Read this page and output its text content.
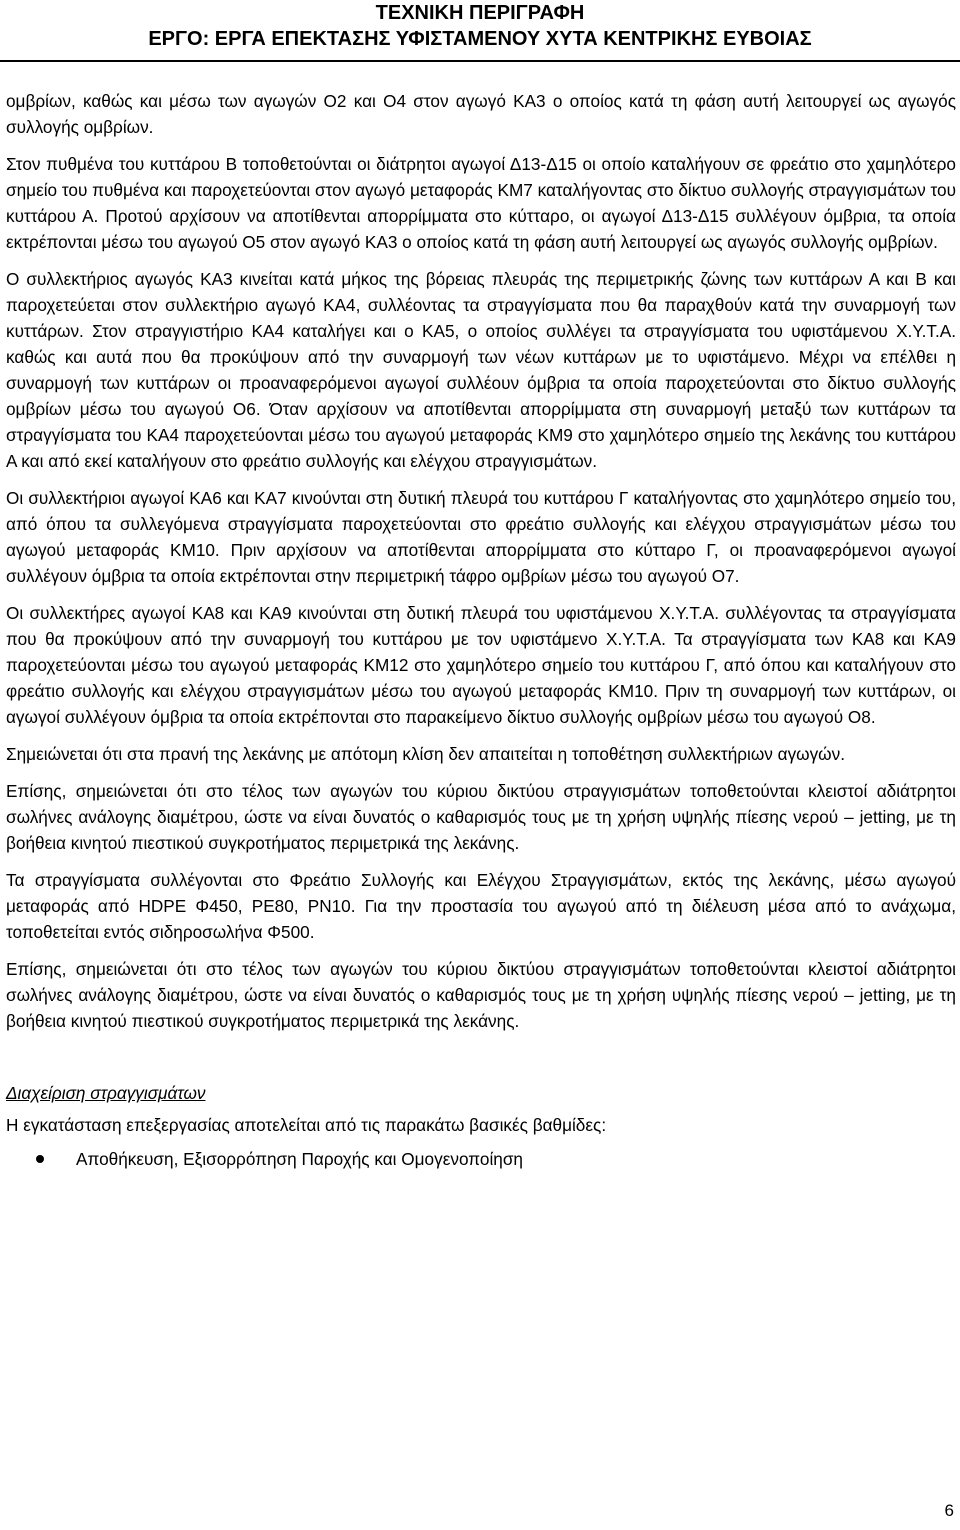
ΤΕΧΝΙΚΗ ΠΕΡΙΓΡΑΦΗ
ΕΡΓΟ: ΕΡΓΑ ΕΠΕΚΤΑΣΗΣ ΥΦΙΣΤΑΜΕΝΟΥ ΧΥΤΑ ΚΕΝΤΡΙΚΗΣ ΕΥΒΟΙΑΣ

ομβρίων, καθώς και μέσω των αγωγών Ο2 και Ο4 στον αγωγό ΚΑ3 ο οποίος κατά τη φάση αυτή λειτουργεί ως αγωγός συλλογής ομβρίων.

Στον πυθμένα του κυττάρου Β τοποθετούνται οι διάτρητοι αγωγοί Δ13-Δ15 οι οποίο καταλήγουν σε φρεάτιο στο χαμηλότερο σημείο του πυθμένα και παροχετεύονται στον αγωγό μεταφοράς ΚΜ7 καταλήγοντας στο δίκτυο συλλογής στραγγισμάτων του κυττάρου Α. Προτού αρχίσουν να αποτίθενται απορρίμματα στο κύτταρο, οι αγωγοί Δ13-Δ15 συλλέγουν όμβρια, τα οποία εκτρέπονται μέσω του αγωγού Ο5 στον αγωγό ΚΑ3 ο οποίος κατά τη φάση αυτή λειτουργεί ως αγωγός συλλογής ομβρίων.

Ο συλλεκτήριος αγωγός ΚΑ3 κινείται κατά μήκος της βόρειας πλευράς της περιμετρικής ζώνης των κυττάρων Α και Β και παροχετεύεται στον συλλεκτήριο αγωγό ΚΑ4, συλλέοντας τα στραγγίσματα που θα παραχθούν κατά την συναρμογή των κυττάρων. Στον στραγγιστήριο ΚΑ4 καταλήγει και ο ΚΑ5, ο οποίος συλλέγει τα στραγγίσματα του υφιστάμενου Χ.Υ.Τ.Α. καθώς και αυτά που θα προκύψουν από την συναρμογή των νέων κυττάρων με το υφιστάμενο. Μέχρι να επέλθει η συναρμογή των κυττάρων οι προαναφερόμενοι αγωγοί συλλέουν όμβρια τα οποία παροχετεύονται στο δίκτυο συλλογής ομβρίων μέσω του αγωγού Ο6. Όταν αρχίσουν να αποτίθενται απορρίμματα στη συναρμογή μεταξύ των κυττάρων τα στραγγίσματα του ΚΑ4 παροχετεύονται μέσω του αγωγού μεταφοράς ΚΜ9 στο χαμηλότερο σημείο της λεκάνης του κυττάρου Α και από εκεί καταλήγουν στο φρεάτιο συλλογής και ελέγχου στραγγισμάτων.

Οι συλλεκτήριοι αγωγοί ΚΑ6 και ΚΑ7 κινούνται στη δυτική πλευρά του κυττάρου Γ καταλήγοντας στο χαμηλότερο σημείο του, από όπου τα συλλεγόμενα στραγγίσματα παροχετεύονται στο φρεάτιο συλλογής και ελέγχου στραγγισμάτων μέσω του αγωγού μεταφοράς ΚΜ10. Πριν αρχίσουν να αποτίθενται απορρίμματα στο κύτταρο Γ, οι προαναφερόμενοι αγωγοί συλλέγουν όμβρια τα οποία εκτρέπονται στην περιμετρική τάφρο ομβρίων μέσω του αγωγού Ο7.

Οι συλλεκτήρες αγωγοί ΚΑ8 και ΚΑ9 κινούνται στη δυτική πλευρά του υφιστάμενου Χ.Υ.Τ.Α. συλλέγοντας τα στραγγίσματα που θα προκύψουν από την συναρμογή του κυττάρου με τον υφιστάμενο Χ.Υ.Τ.Α. Τα στραγγίσματα των ΚΑ8 και ΚΑ9 παροχετεύονται μέσω του αγωγού μεταφοράς ΚΜ12 στο χαμηλότερο σημείο του κυττάρου Γ, από όπου και καταλήγουν στο φρεάτιο συλλογής και ελέγχου στραγγισμάτων μέσω του αγωγού μεταφοράς ΚΜ10. Πριν τη συναρμογή των κυττάρων, οι αγωγοί συλλέγουν όμβρια τα οποία εκτρέπονται στο παρακείμενο δίκτυο συλλογής ομβρίων μέσω του αγωγού Ο8.

Σημειώνεται ότι στα πρανή της λεκάνης με απότομη κλίση δεν απαιτείται η τοποθέτηση συλλεκτήριων αγωγών.

Επίσης, σημειώνεται ότι στο τέλος των αγωγών του κύριου δικτύου στραγγισμάτων τοποθετούνται κλειστοί αδιάτρητοι σωλήνες ανάλογης διαμέτρου, ώστε να είναι δυνατός ο καθαρισμός τους με τη χρήση υψηλής πίεσης νερού – jetting, με τη βοήθεια κινητού πιεστικού συγκροτήματος περιμετρικά της λεκάνης.

Τα στραγγίσματα συλλέγονται στο Φρεάτιο Συλλογής και Ελέγχου Στραγγισμάτων, εκτός της λεκάνης, μέσω αγωγού μεταφοράς από HDPE Φ450, PE80, PN10. Για την προστασία του αγωγού από τη διέλευση μέσα από το ανάχωμα, τοποθετείται εντός σιδηροσωλήνα Φ500.

Επίσης, σημειώνεται ότι στο τέλος των αγωγών του κύριου δικτύου στραγγισμάτων τοποθετούνται κλειστοί αδιάτρητοι σωλήνες ανάλογης διαμέτρου, ώστε να είναι δυνατός ο καθαρισμός τους με τη χρήση υψηλής πίεσης νερού – jetting, με τη βοήθεια κινητού πιεστικού συγκροτήματος περιμετρικά της λεκάνης.

Διαχείριση στραγγισμάτων

Η εγκατάσταση επεξεργασίας αποτελείται από τις παρακάτω βασικές βαθμίδες:

Αποθήκευση, Εξισορρόπηση Παροχής και Ομογενοποίηση
6
